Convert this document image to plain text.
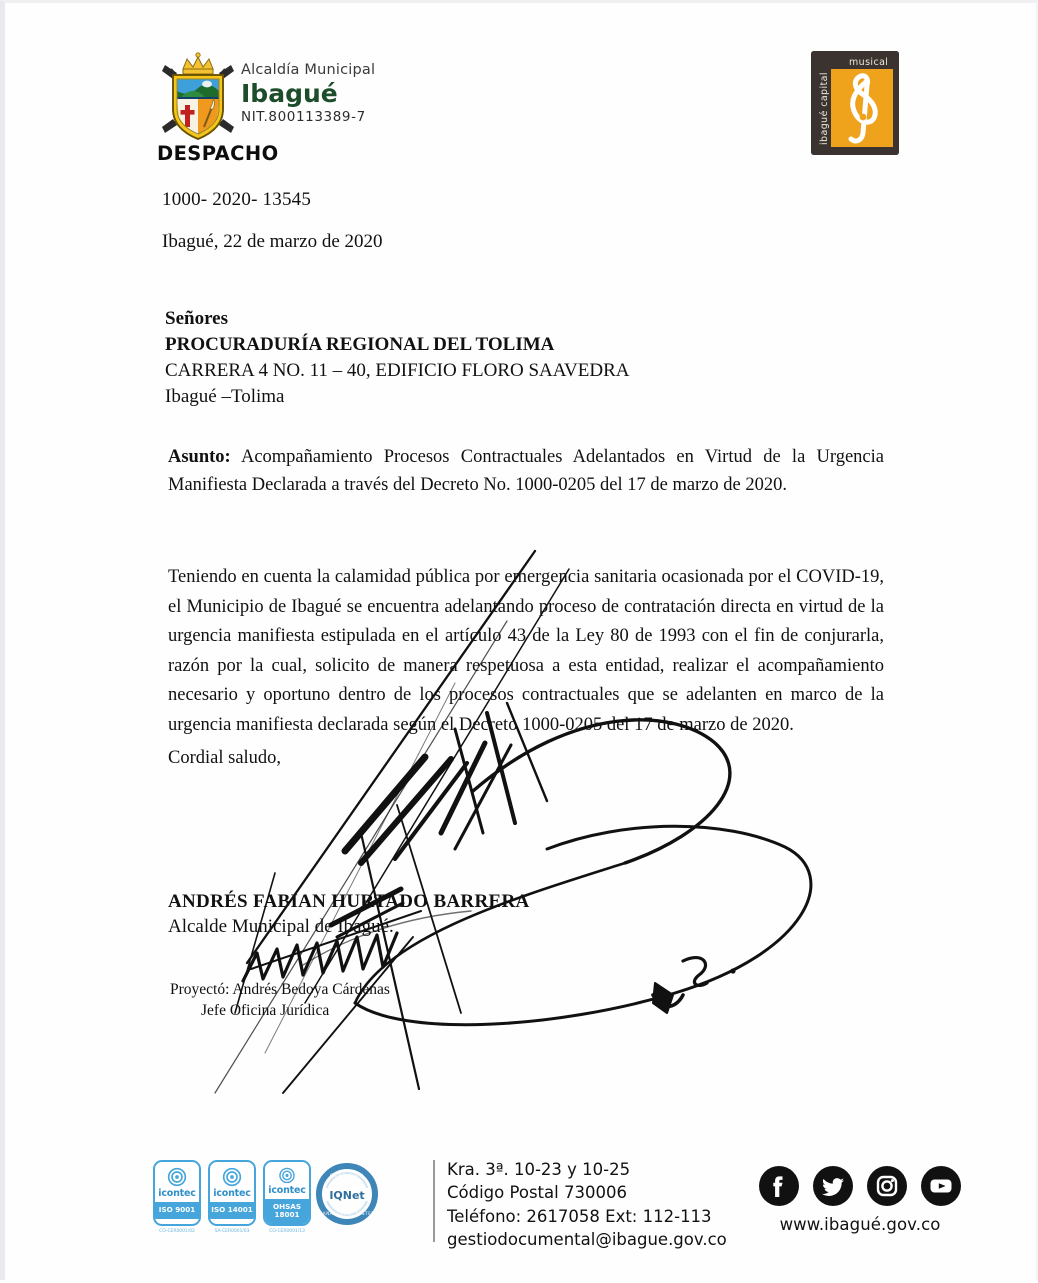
Alcaldía Municipal
Ibagué
NIT.800113389-7
DESPACHO
musical
ibagué capital
1000- 2020- 13545
Ibagué, 22 de marzo de 2020
Señores
PROCURADURÍA REGIONAL DEL TOLIMA
CARRERA 4 NO. 11 – 40, EDIFICIO FLORO SAAVEDRA
Ibagué –Tolima
Asunto: Acompañamiento Procesos Contractuales Adelantados en Virtud de la Urgencia Manifiesta Declarada a través del Decreto No. 1000-0205 del 17 de marzo de 2020.
Teniendo en cuenta la calamidad pública por emergencia sanitaria ocasionada por el COVID-19, el Municipio de Ibagué se encuentra adelantando proceso de contratación directa en virtud de la urgencia manifiesta estipulada en el artículo 43 de la Ley 80 de 1993 con el fin de conjurarla, razón por la cual, solicito de manera respetuosa a esta entidad, realizar el acompañamiento necesario y oportuno dentro de los procesos contractuales que se adelanten en marco de la urgencia manifiesta declarada según el Decreto 1000-0205 del 17 de marzo de 2020.
Cordial saludo,
ANDRÉS FABIAN HURTADO BARRERA
Alcalde Municipal de Ibagué.
Proyectó: Andrés Bedoya Cárdenas
Jefe Oficina Jurídica
icontec
ISO 9001
CO-CER0001/02
icontec
ISO 14001
SA-CER0001/03
icontec
OHSAS 18001
CO-CER0001/13
IQNet
CERTIFIED
MANAGEMENT SYSTEM
Kra. 3ª. 10-23 y 10-25
Código Postal 730006
Teléfono: 2617058 Ext: 112-113
gestiodocumental@ibague.gov.co
www.ibagué.gov.co
